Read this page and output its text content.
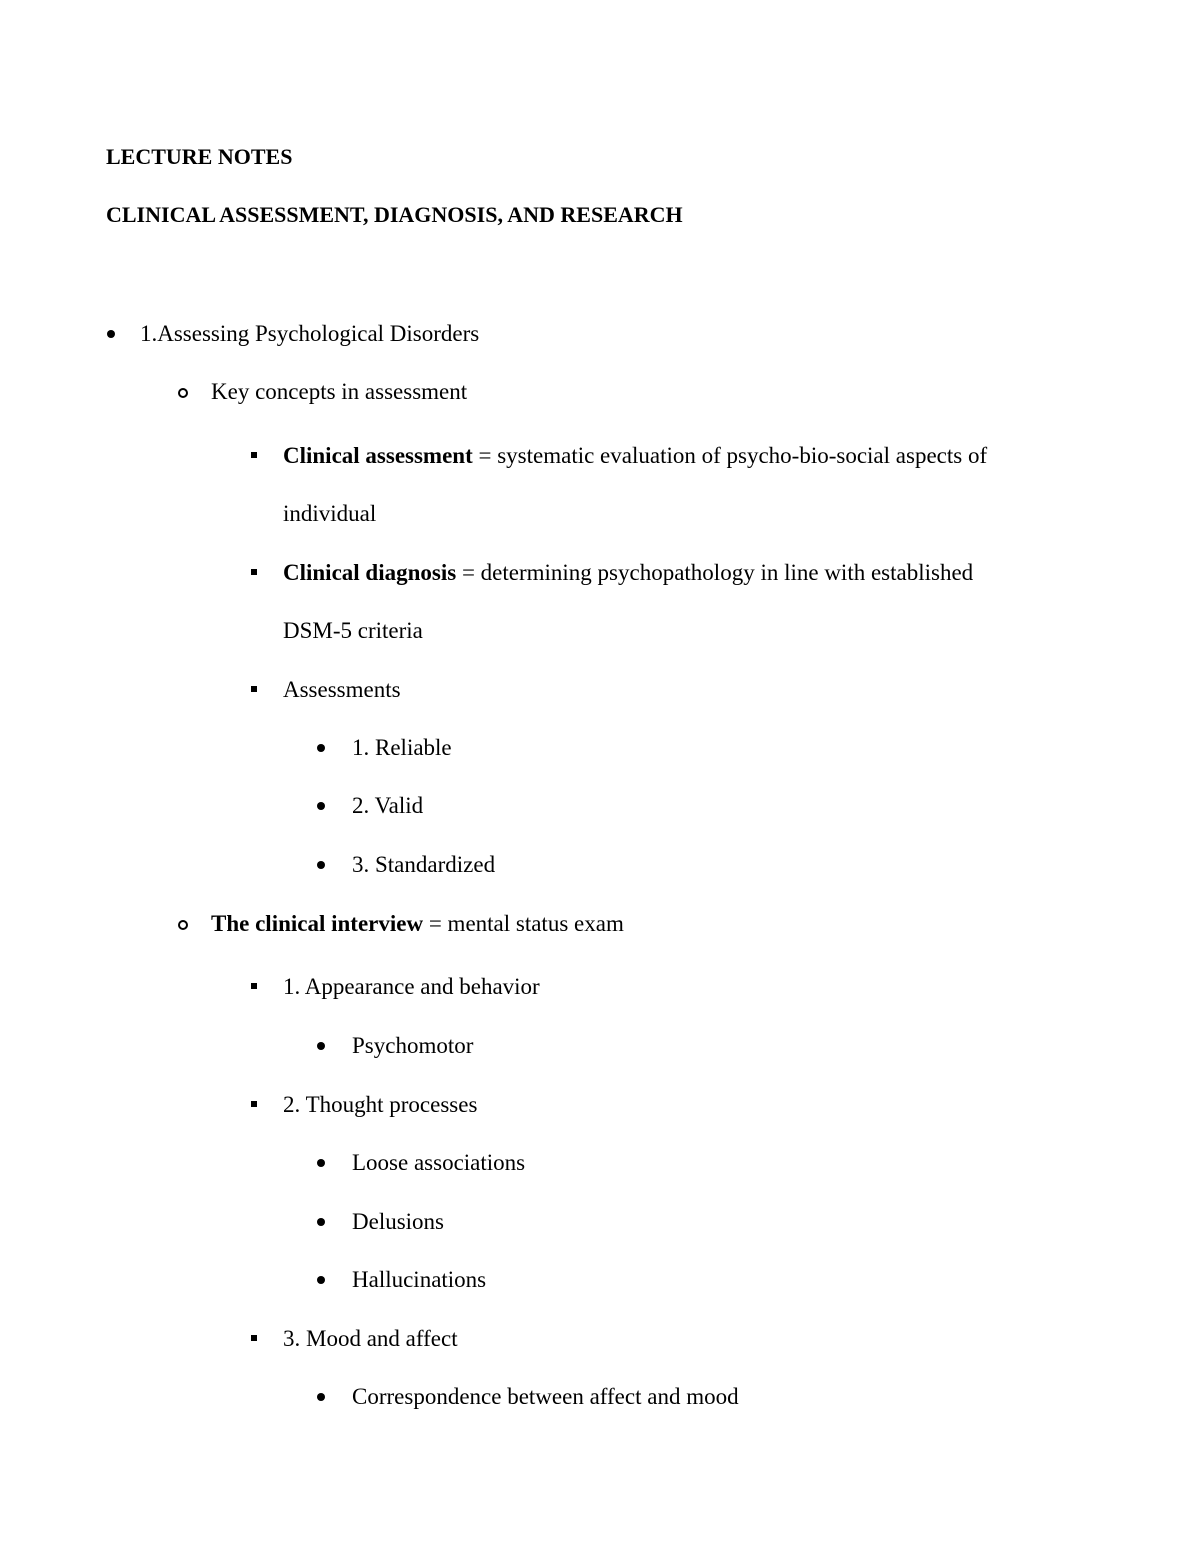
LECTURE NOTES
CLINICAL ASSESSMENT, DIAGNOSIS, AND RESEARCH
1.Assessing Psychological Disorders
Key concepts in assessment
Clinical assessment = systematic evaluation of psycho-bio-social aspects of
individual
Clinical diagnosis = determining psychopathology in line with established
DSM-5 criteria
Assessments
1. Reliable
2. Valid
3. Standardized
The clinical interview = mental status exam
1. Appearance and behavior
Psychomotor
2. Thought processes
Loose associations
Delusions
Hallucinations
3. Mood and affect
Correspondence between affect and mood
